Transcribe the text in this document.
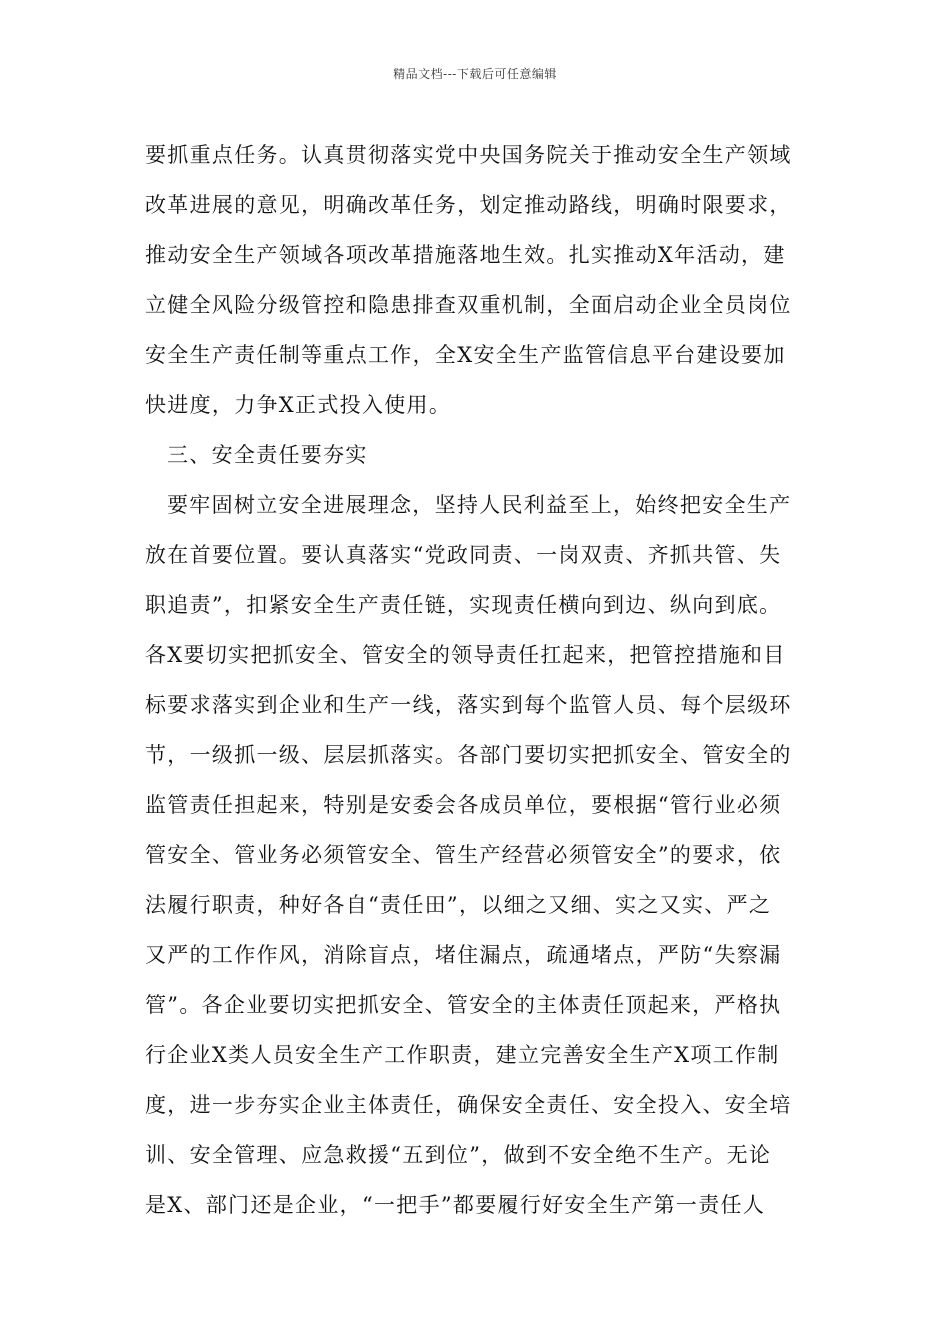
精品文档---下载后可任意编辑
要抓重点任务。认真贯彻落实党中央国务院关于推动安全生产领域
改革进展的意见，明确改革任务，划定推动路线，明确时限要求，
推动安全生产领域各项改革措施落地生效。扎实推动X年活动，建
立健全风险分级管控和隐患排查双重机制，全面启动企业全员岗位
安全生产责任制等重点工作，全X安全生产监管信息平台建设要加
快进度，力争X正式投入使用。
三、安全责任要夯实
要牢固树立安全进展理念，坚持人民利益至上，始终把安全生产
放在首要位置。要认真落实“党政同责、一岗双责、齐抓共管、失
职追责”，扣紧安全生产责任链，实现责任横向到边、纵向到底。
各X要切实把抓安全、管安全的领导责任扛起来，把管控措施和目
标要求落实到企业和生产一线，落实到每个监管人员、每个层级环
节，一级抓一级、层层抓落实。各部门要切实把抓安全、管安全的
监管责任担起来，特别是安委会各成员单位，要根据“管行业必须
管安全、管业务必须管安全、管生产经营必须管安全”的要求，依
法履行职责，种好各自“责任田”，以细之又细、实之又实、严之
又严的工作作风，消除盲点，堵住漏点，疏通堵点，严防“失察漏
管”。各企业要切实把抓安全、管安全的主体责任顶起来，严格执
行企业X类人员安全生产工作职责，建立完善安全生产X项工作制
度，进一步夯实企业主体责任，确保安全责任、安全投入、安全培
训、安全管理、应急救援“五到位”，做到不安全绝不生产。无论
是X、部门还是企业，“一把手”都要履行好安全生产第一责任人
